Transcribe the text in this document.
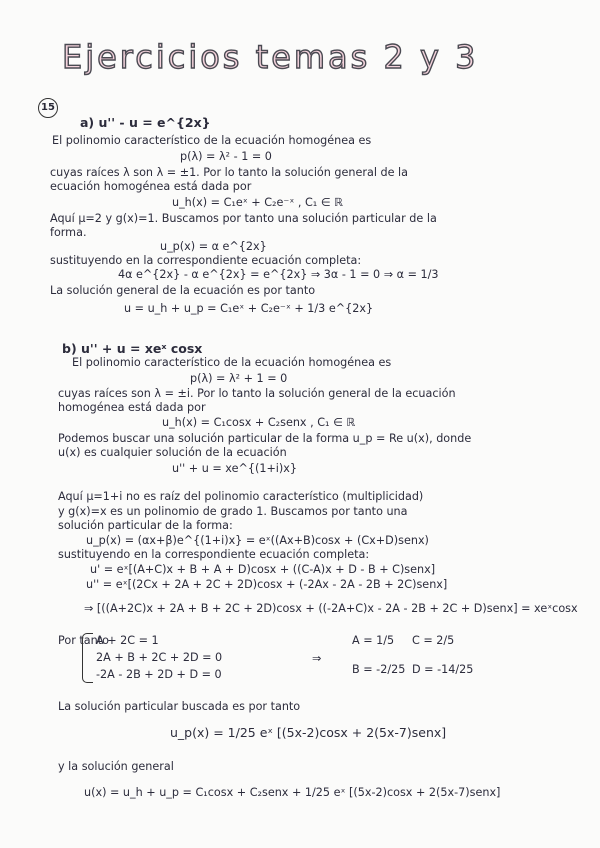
Ejercicios temas 2 y 3
15
a) u'' - u = e^{2x}
El polinomio característico de la ecuación homogénea es
p(λ) = λ² - 1 = 0
cuyas raíces λ son λ = ±1. Por lo tanto la solución general de la
ecuación homogénea está dada por
u_h(x) = C₁eˣ + C₂e⁻ˣ , C₁ ∈ ℝ
Aquí μ=2 y g(x)=1. Buscamos por tanto una solución particular de la
forma.
u_p(x) = α e^{2x}
sustituyendo en la correspondiente ecuación completa:
4α e^{2x} - α e^{2x} = e^{2x} ⇒ 3α - 1 = 0 ⇒ α = 1/3
La solución general de la ecuación es por tanto
u = u_h + u_p = C₁eˣ + C₂e⁻ˣ + 1/3 e^{2x}
b) u'' + u = xeˣ cosx
El polinomio característico de la ecuación homogénea es
p(λ) = λ² + 1 = 0
cuyas raíces son λ = ±i. Por lo tanto la solución general de la ecuación
homogénea está dada por
u_h(x) = C₁cosx + C₂senx , C₁ ∈ ℝ
Podemos buscar una solución particular de la forma u_p = Re u(x), donde
u(x) es cualquier solución de la ecuación
u'' + u = xe^{(1+i)x}
Aquí μ=1+i no es raíz del polinomio característico (multiplicidad)
y g(x)=x es un polinomio de grado 1. Buscamos por tanto una
solución particular de la forma:
u_p(x) = (αx+β)e^{(1+i)x} = eˣ((Ax+B)cosx + (Cx+D)senx)
sustituyendo en la correspondiente ecuación completa:
u' = eˣ[(A+C)x + B + A + D)cosx + ((C-A)x + D - B + C)senx]
u'' = eˣ[(2Cx + 2A + 2C + 2D)cosx + (-2Ax - 2A - 2B + 2C)senx]
⇒ [((A+2C)x + 2A + B + 2C + 2D)cosx + ((-2A+C)x - 2A - 2B + 2C + D)senx] = xeˣcosx
Por tanto
A + 2C = 1
2A + B + 2C + 2D = 0
-2A - 2B + 2D + D = 0
⇒
A = 1/5 C = 2/5
B = -2/25 D = -14/25
La solución particular buscada es por tanto
u_p(x) = 1/25 eˣ [(5x-2)cosx + 2(5x-7)senx]
y la solución general
u(x) = u_h + u_p = C₁cosx + C₂senx + 1/25 eˣ [(5x-2)cosx + 2(5x-7)senx]
